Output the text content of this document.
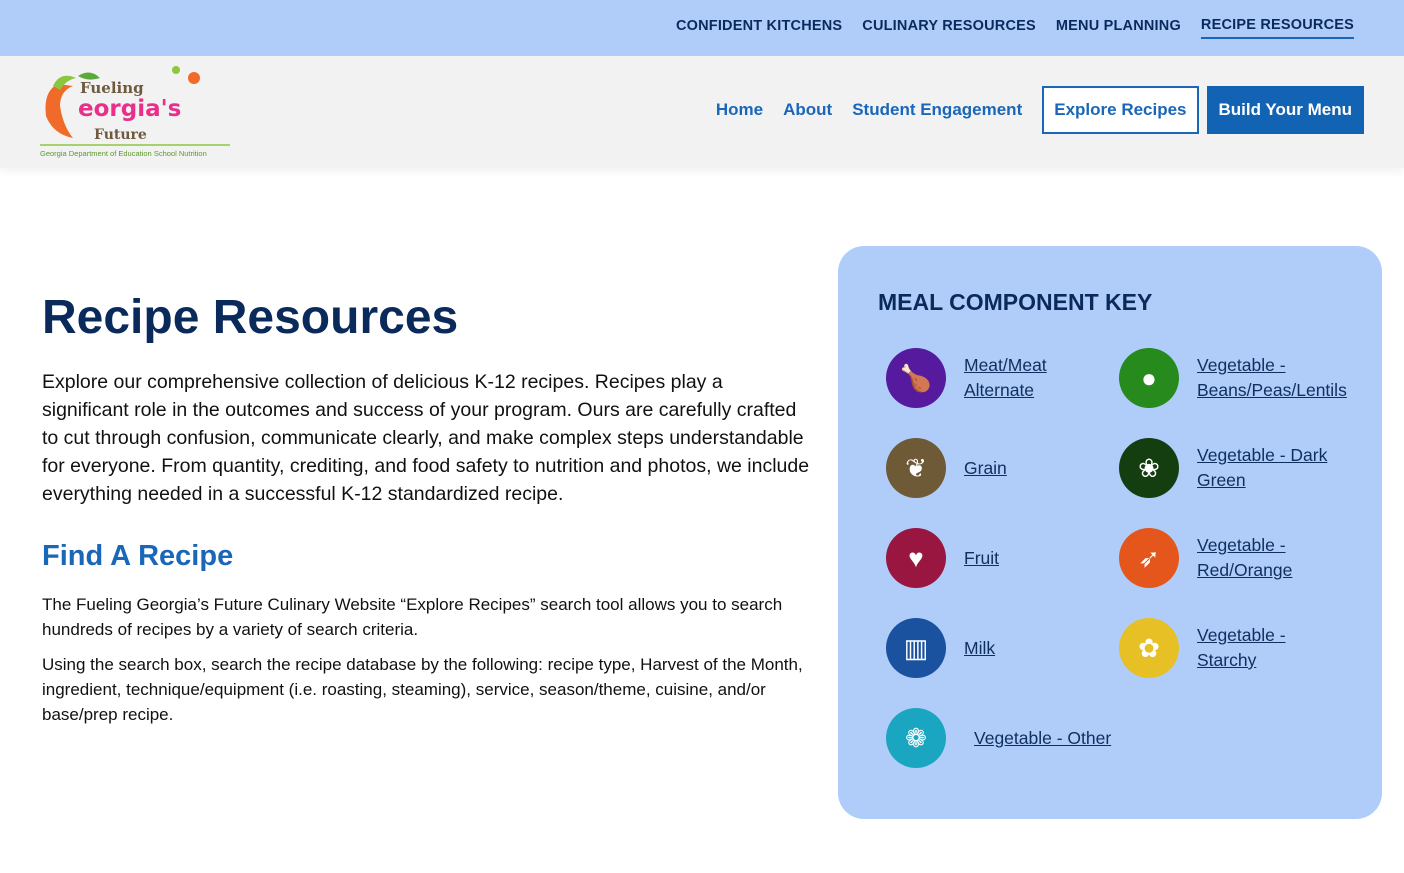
CONFIDENT KITCHENS CULINARY RESOURCES MENU PLANNING RECIPE RESOURCES
Fueling
eorgia's
Future
Georgia Department of Education School Nutrition
Home About Student Engagement	Explore Recipes	Build Your Menu
Recipe Resources

Explore our comprehensive collection of delicious K-12 recipes. Recipes play a significant role in the outcomes and success of your program. Ours are carefully crafted to cut through confusion, communicate clearly, and make complex steps understandable for everyone. From quantity, crediting, and food safety to nutrition and photos, we include everything needed in a successful K-12 standardized recipe.

Find A Recipe

The Fueling Georgia’s Future Culinary Website “Explore Recipes” search tool allows you to search hundreds of recipes by a variety of search criteria.

Using the search box, search the recipe database by the following: recipe type, Harvest of the Month, ingredient, technique/equipment (i.e. roasting, steaming), service, season/theme, cuisine, and/or base/prep recipe.

MEAL COMPONENT KEY
🍗	Meat/Meat Alternate	●	Vegetable - Beans/Peas/Lentils
❦	Grain	❀	Vegetable - Dark Green
♥	Fruit	➶	Vegetable - Red/Orange
▥	Milk	✿	Vegetable - Starchy
❁	Vegetable - Other
